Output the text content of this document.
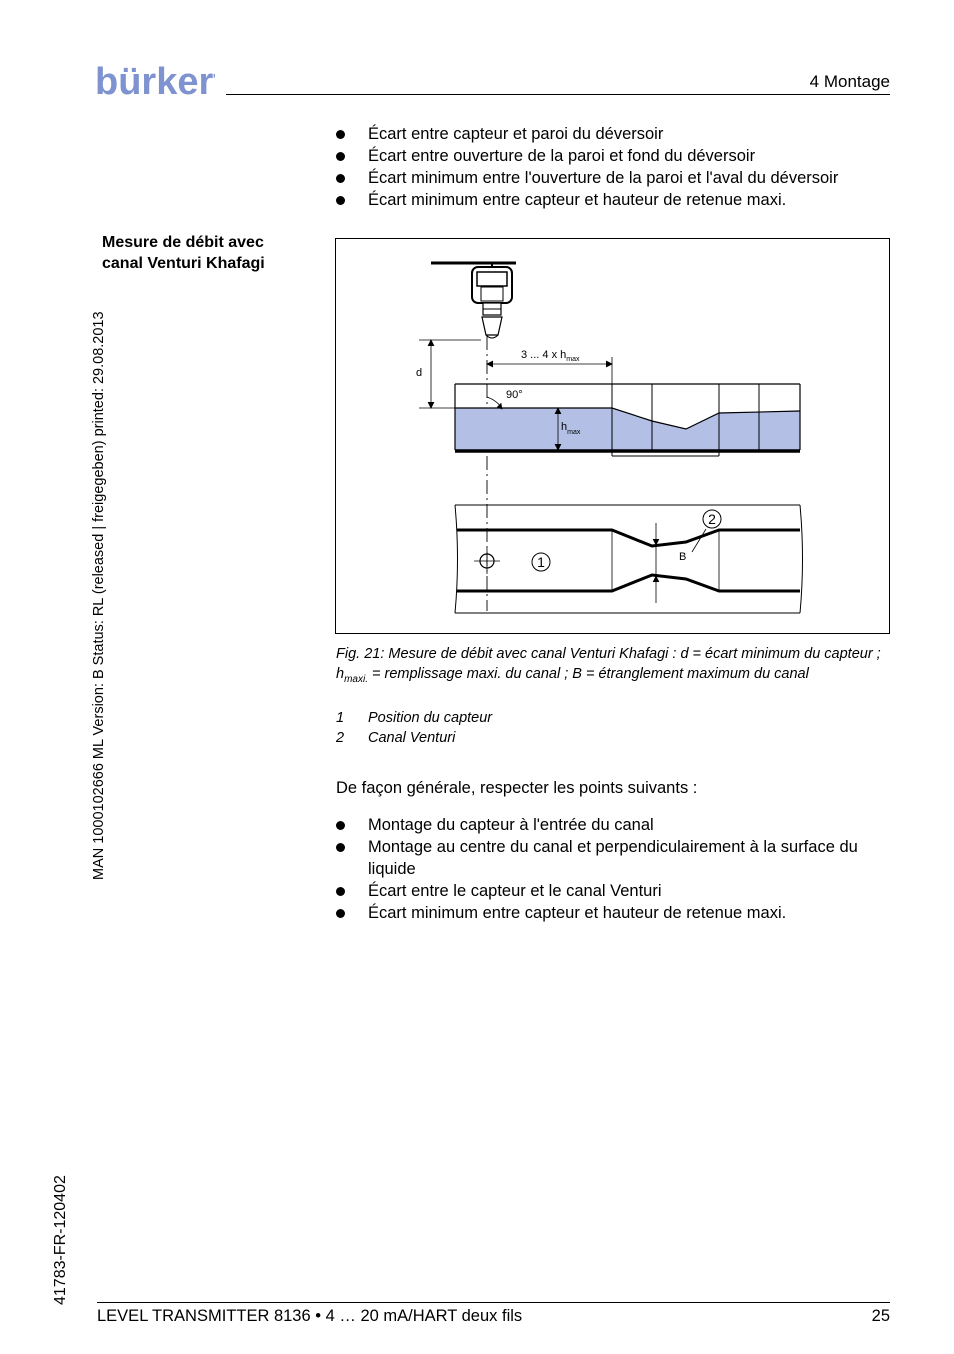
bürkert	4 Montage
MAN 1000102666 ML Version: B Status: RL (released | freigegeben) printed: 29.08.2013
41783-FR-120402
Écart entre capteur et paroi du déversoir
Écart entre ouverture de la paroi et fond du déversoir
Écart minimum entre l'ouverture de la paroi et l'aval du déversoir
Écart minimum entre capteur et hauteur de retenue maxi.
Mesure de débit avec canal Venturi Khafagi
d
3 ... 4 x $h_{max}$
90°
$h_{max}$
B
1
2
Fig. 21: Mesure de débit avec canal Venturi Khafagi : d = écart minimum du capteur ; $h_{maxi.}$ = remplissage maxi. du canal ; B = étranglement maximum du canal
1 Position du capteur
2 Canal Venturi
De façon générale, respecter les points suivants :
Montage du capteur à l'entrée du canal
Montage au centre du canal et perpendiculairement à la surface du liquide
Écart entre le capteur et le canal Venturi
Écart minimum entre capteur et hauteur de retenue maxi.
LEVEL TRANSMITTER 8136 • 4 … 20 mA/HART deux fils	25
